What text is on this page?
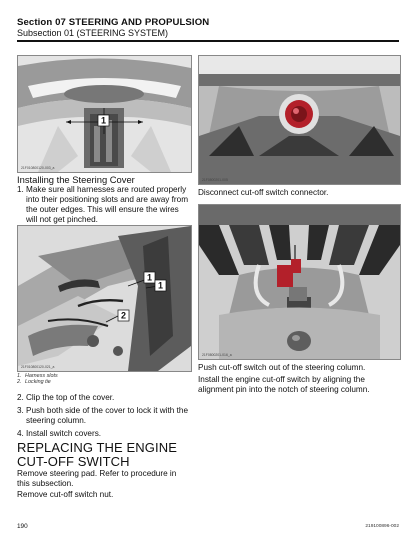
Section 07 STEERING AND PROPULSION
Subsection 01 (STEERING SYSTEM)
1
21F010800120-003_a
Installing the Steering Cover
1. Make sure all harnesses are routed properly into their positioning slots and are away from the outer edges. This will ensure the wires will not get pinched.
1
1
2
21F010800120-021_a
1. Harness slots
2. Locking tie
2. Clip the top of the cover.
3. Push both side of the cover to lock it with the steering column.
4. Install switch covers.
REPLACING THE ENGINE
CUT-OFF SWITCH
Remove steering pad. Refer to procedure in this subsection.
Remove cut-off switch nut.
21F0800201-005
Disconnect cut-off switch connector.
21F0800201-016_a
Push cut-off switch out of the steering column.
Install the engine cut-off switch by aligning the alignment pin into the notch of steering column.
190	219100896-002
